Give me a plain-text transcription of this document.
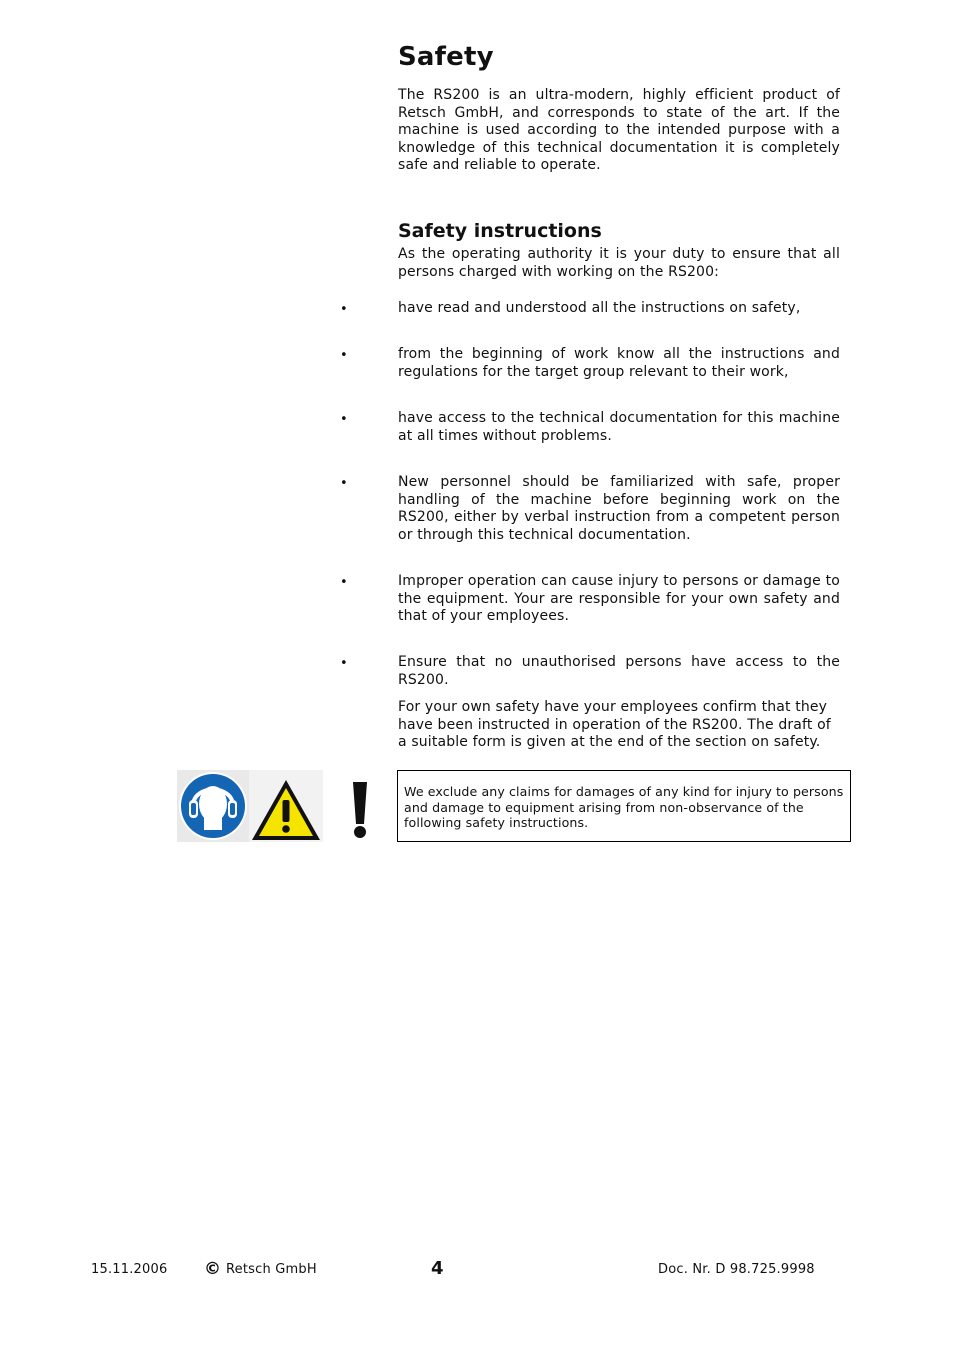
Safety

The RS200 is an ultra-modern, highly efficient product of Retsch GmbH, and corresponds to state of the art. If the machine is used according to the intended purpose with a knowledge of this technical documentation it is completely safe and reliable to operate.

Safety instructions

As the operating authority it is your duty to ensure that all persons charged with working on the RS200:

•	have read and understood all the instructions on safety,

•	from the beginning of work know all the instructions and regulations for the target group relevant to their work,

•	have access to the technical documentation for this machine at all times without problems.

•	New personnel should be familiarized with safe, proper handling of the machine before beginning work on the RS200, either by verbal instruction from a competent person or through this technical documentation.

•	Improper operation can cause injury to persons or damage to the equipment. Your are responsible for your own safety and that of your employees.

•	Ensure that no unauthorised persons have access to the RS200.

For your own safety have your employees confirm that they have been instructed in operation of the RS200. The draft of a suitable form is given at the end of the section on safety.

We exclude any claims for damages of any kind for injury to persons and damage to equipment arising from non-observance of the following safety instructions.

15.11.2006 © Retsch GmbH	4	Doc. Nr. D 98.725.9998
